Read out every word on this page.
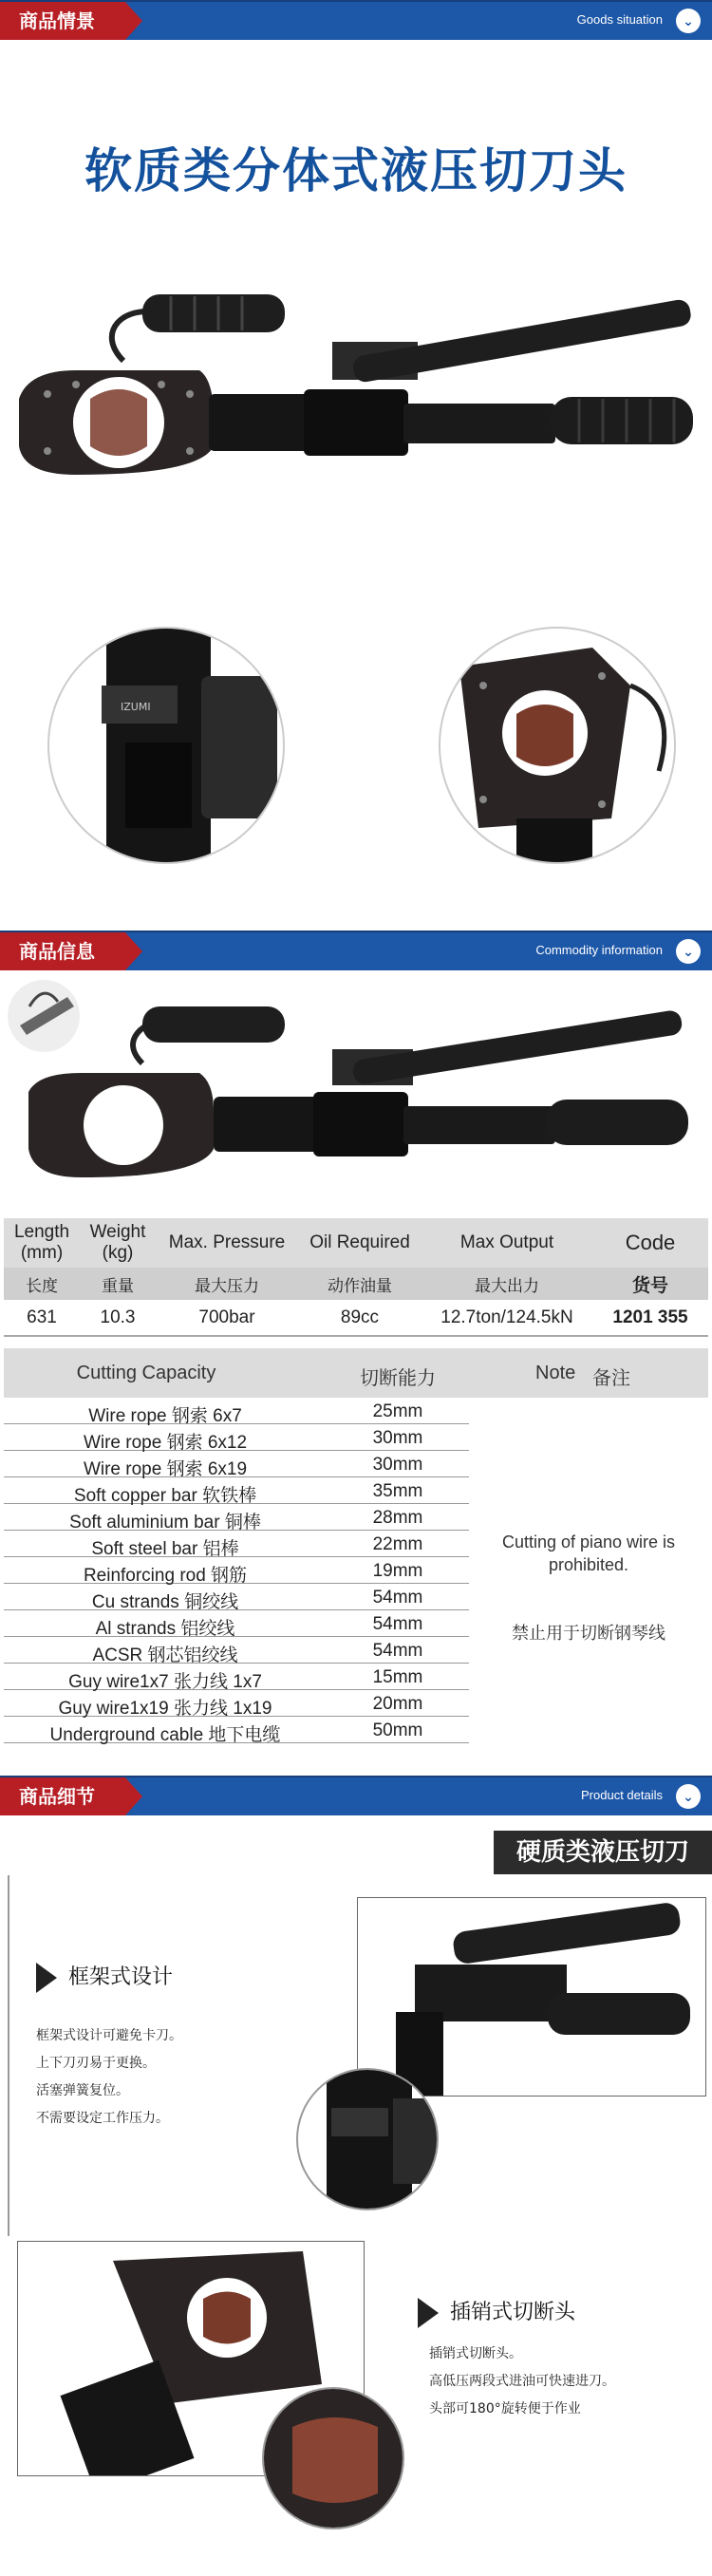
商品情景	Goods situation	⌄
软质类分体式液压切刀头
IZUMI
商品信息	Commodity information	⌄
Length (mm)	Weight (kg)	Max. Pressure	Oil Required	Max Output	Code
长度	重量	最大压力	动作油量	最大出力	货号
631	10.3	700bar	89cc	12.7ton/124.5kN	1201 355
Cutting Capacity	切断能力	Note 备注
Wire rope 钢索 6x7	25mm
Wire rope 钢索 6x12	30mm
Wire rope 钢索 6x19	30mm
Soft copper bar 软铁棒	35mm
Soft aluminium bar 铜棒	28mm
Soft steel bar 铝棒	22mm
Reinforcing rod 钢筋	19mm
Cu strands 铜绞线	54mm
Al strands 铝绞线	54mm
ACSR 钢芯铝绞线	54mm
Guy wire1x7 张力线 1x7	15mm
Guy wire1x19 张力线 1x19	20mm
Underground cable 地下电缆	50mm
Cutting of piano wire is prohibited.
禁止用于切断钢琴线
商品细节	Product details	⌄
硬质类液压切刀
框架式设计
框架式设计可避免卡刀。
上下刀刃易于更换。
活塞弹簧复位。
不需要设定工作压力。
插销式切断头
插销式切断头。
高低压两段式进油可快速进刀。
头部可180°旋转便于作业
